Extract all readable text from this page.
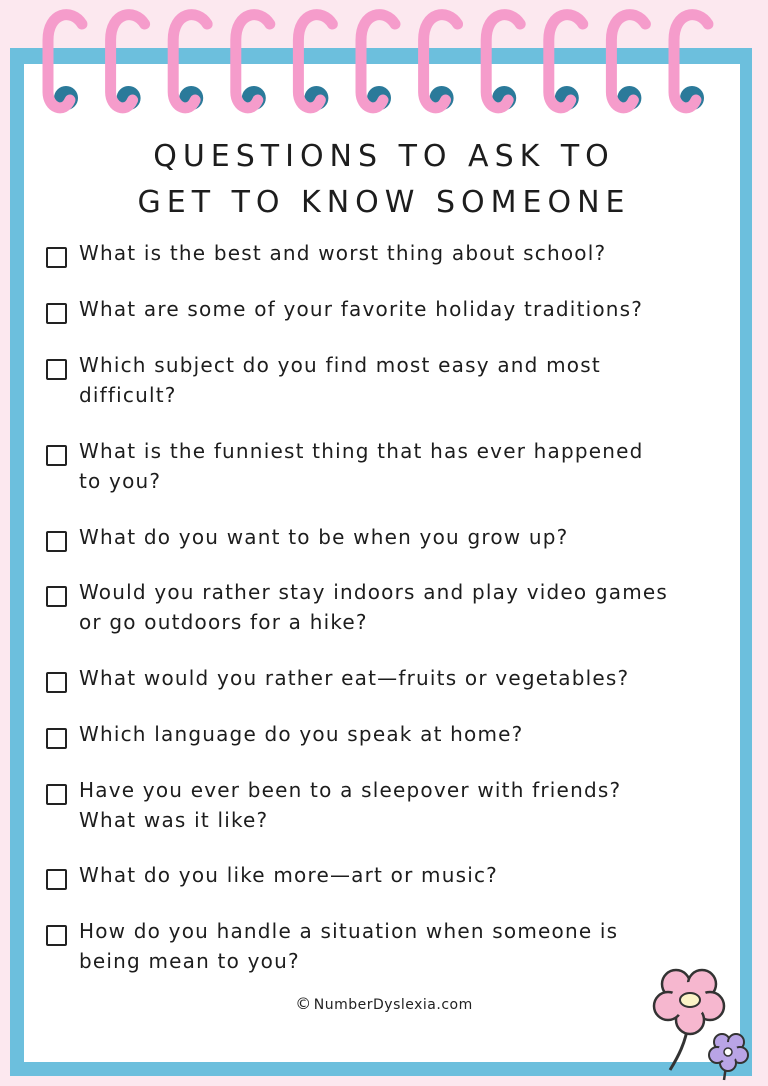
QUESTIONS TO ASK TO
GET TO KNOW SOMEONE
What is the best and worst thing about school?

What are some of your favorite holiday traditions?

Which subject do you find most easy and most
difficult?
What is the funniest thing that has ever happened
to you?
What do you want to be when you grow up?

Would you rather stay indoors and play video games
or go outdoors for a hike?
What would you rather eat—fruits or vegetables?

Which language do you speak at home?

Have you ever been to a sleepover with friends?
What was it like?
What do you like more—art or music?

How do you handle a situation when someone is
being mean to you?
© NumberDyslexia.com
